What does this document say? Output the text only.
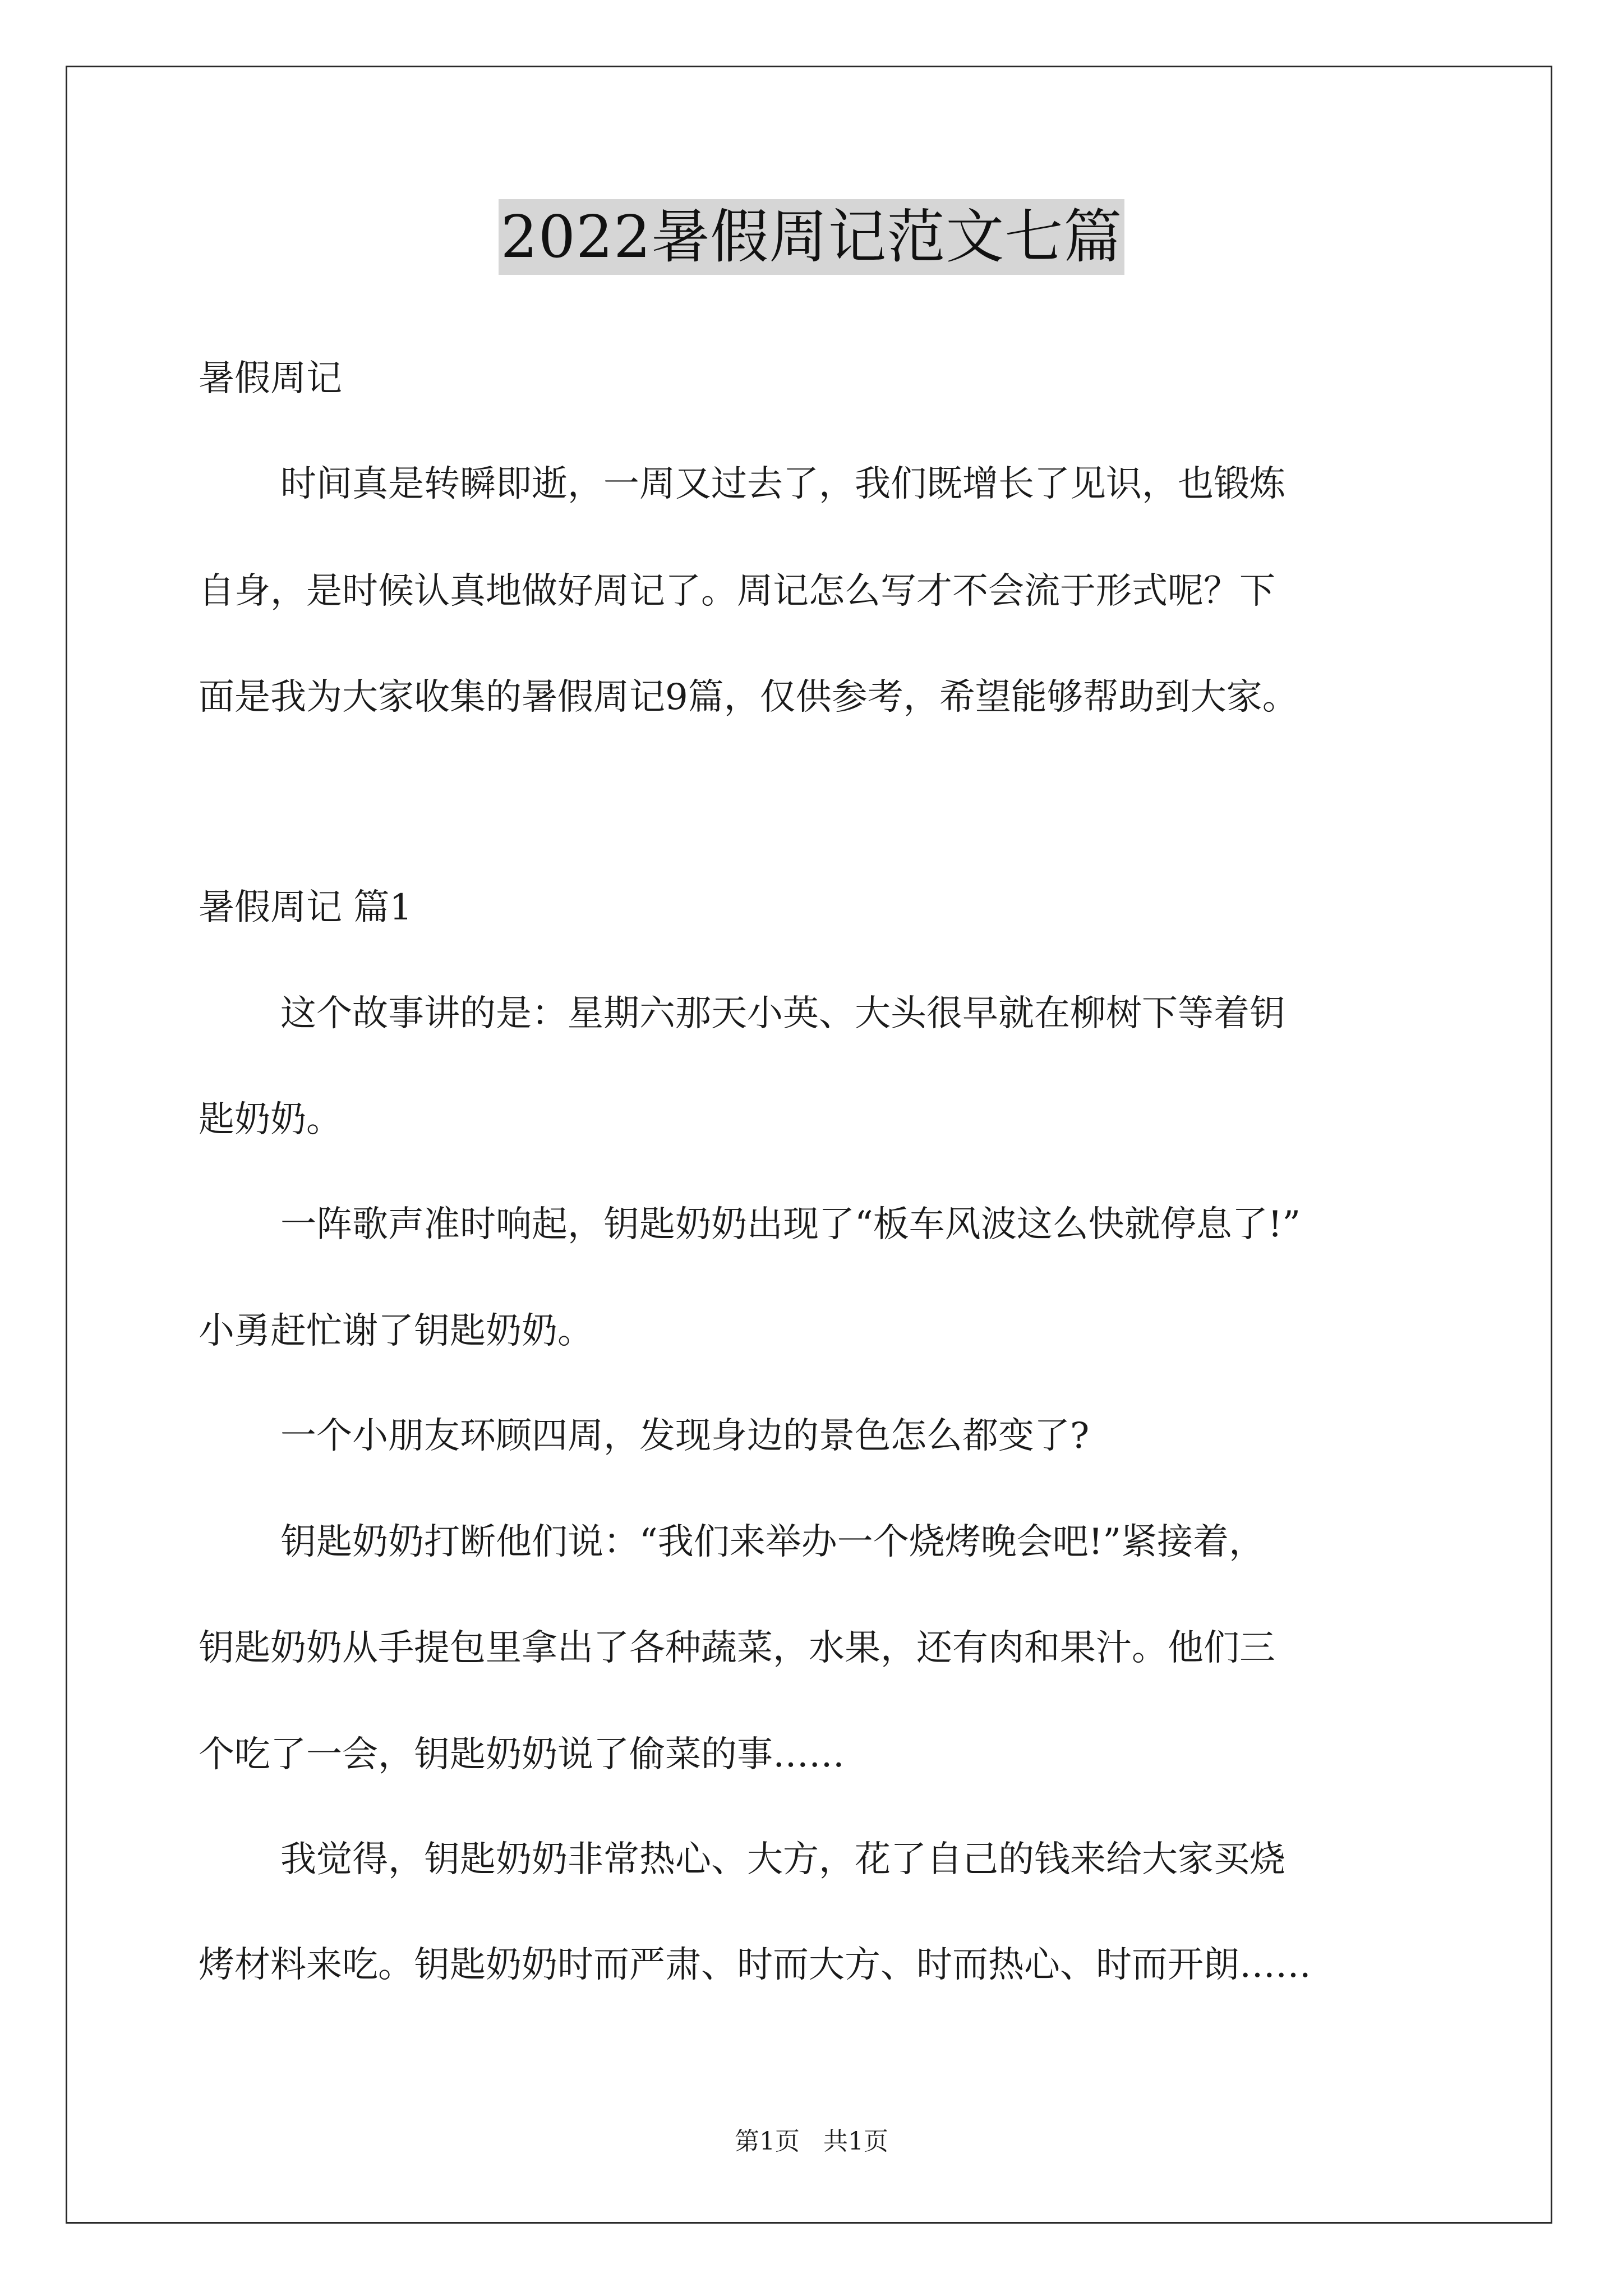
2022暑假周记范文七篇

暑假周记

时间真是转瞬即逝，一周又过去了，我们既增长了见识，也锻炼

自身，是时候认真地做好周记了。周记怎么写才不会流于形式呢？下

面是我为大家收集的暑假周记9篇，仅供参考，希望能够帮助到大家。

暑假周记 篇1

这个故事讲的是：星期六那天小英、大头很早就在柳树下等着钥

匙奶奶。

一阵歌声准时响起，钥匙奶奶出现了“板车风波这么快就停息了!”

小勇赶忙谢了钥匙奶奶。

一个小朋友环顾四周，发现身边的景色怎么都变了?

钥匙奶奶打断他们说：“我们来举办一个烧烤晚会吧!”紧接着，

钥匙奶奶从手提包里拿出了各种蔬菜，水果，还有肉和果汁。他们三

个吃了一会，钥匙奶奶说了偷菜的事……

我觉得，钥匙奶奶非常热心、大方，花了自己的钱来给大家买烧

烤材料来吃。钥匙奶奶时而严肃、时而大方、时而热心、时而开朗……

第1页   共1页
